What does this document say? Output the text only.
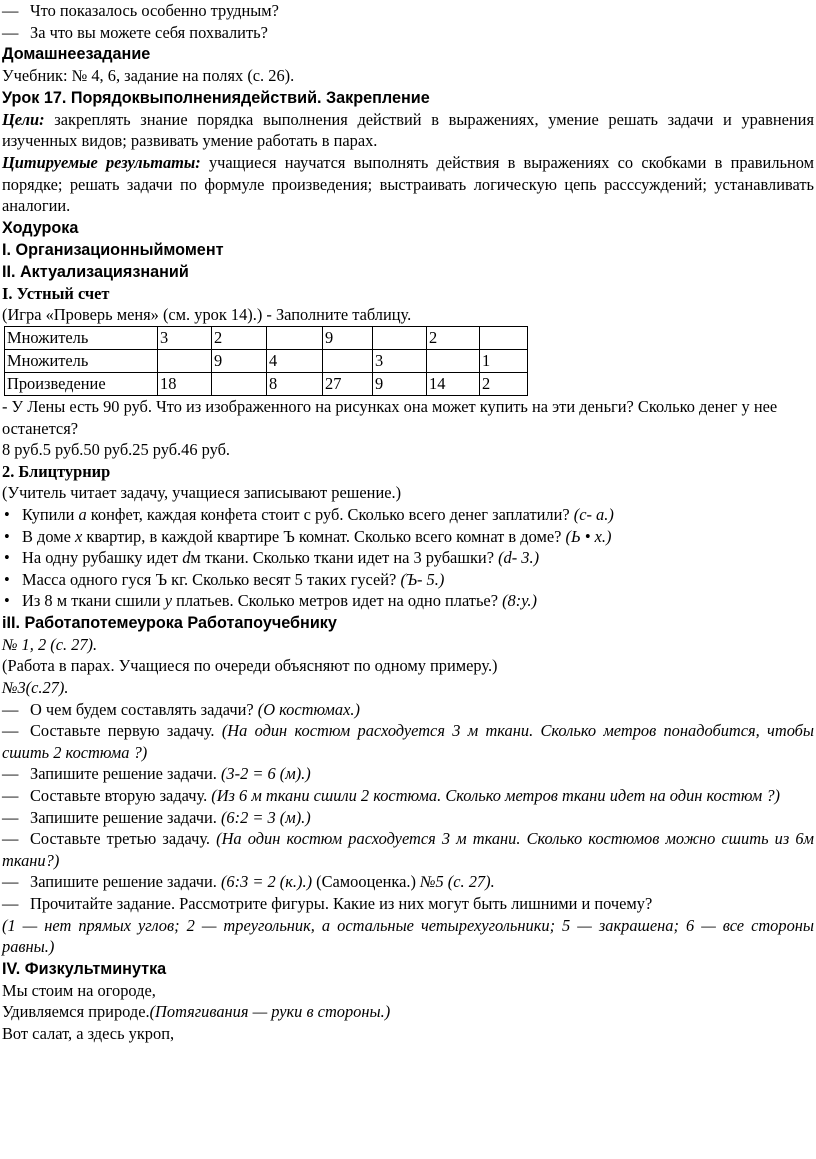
— Что показалось особенно трудным?
— За что вы можете себя похвалить?
Домашнеезадание
Учебник: № 4, 6, задание на полях (с. 26).
Урок 17. Порядоквыполнениядействий. Закрепление

Цели: закреплять знание порядка выполнения действий в выражениях, умение решать задачи и уравнения изученных видов; развивать умение работать в парах.

Цитируемые результаты: учащиеся научатся выполнять действия в выражениях со скобками в правильном порядке; решать задачи по формуле произведения; выстраивать логическую цепь расссуждений; устанавливать аналогии.

Ходурока
I. Организационныймомент
II. Актуализациязнаний
I. Устный счет
(Игра «Проверь меня» (см. урок 14).) - Заполните таблицу.
Множитель	3	2		9		2	
Множитель		9	4		3		1
Произведение	18		8	27	9	14	2

- У Лены есть 90 руб. Что из изображенного на рисунках она может купить на эти деньги? Сколько денег у нее останется?

8 руб.5 руб.50 руб.25 руб.46 руб.
2. Блицтурнир
(Учитель читает задачу, учащиеся записывают решение.)
• Купили а конфет, каждая конфета стоит с руб. Сколько всего денег заплатили? (с- а.)
• В доме х квартир, в каждой квартире Ъ комнат. Сколько всего комнат в доме? (Ь • х.)
• На одну рубашку идет dм ткани. Сколько ткани идет на 3 рубашки? (d- 3.)
• Масса одного гуся Ъ кг. Сколько весят 5 таких гусей? (Ъ- 5.)
• Из 8 м ткани сшили у платьев. Сколько метров идет на одно платье? (8:у.)
iII. Работапотемеурока Работапоучебнику
№ 1, 2 (с. 27).
(Работа в парах. Учащиеся по очереди объясняют по одному примеру.)
№3(с.27).
— О чем будем составлять задачи? (О костюмах.)

— Составьте первую задачу. (На один костюм расходуется 3 м ткани. Сколько метров понадобится, чтобы сшить 2 костюма ?)

— Запишите решение задачи. (3-2 = 6 (м).)

— Составьте вторую задачу. (Из 6 м ткани сшили 2 костюма. Сколько метров ткани идет на один костюм ?)

— Запишите решение задачи. (6:2 = 3 (м).)

— Составьте третью задачу. (На один костюм расходуется 3 м ткани. Сколько костюмов можно сшить из 6м ткани?)

— Запишите решение задачи. (6:3 = 2 (к.).) (Самооценка.) №5 (с. 27).
— Прочитайте задание. Рассмотрите фигуры. Какие из них могут быть лишними и почему?

(1 — нет прямых углов; 2 — треугольник, а остальные четырехугольники; 5 — закрашена; 6 — все стороны равны.)

IV. Физкультминутка
Мы стоим на огороде,
Удивляемся природе.(Потягивания — руки в стороны.)
Вот салат, а здесь укроп,
